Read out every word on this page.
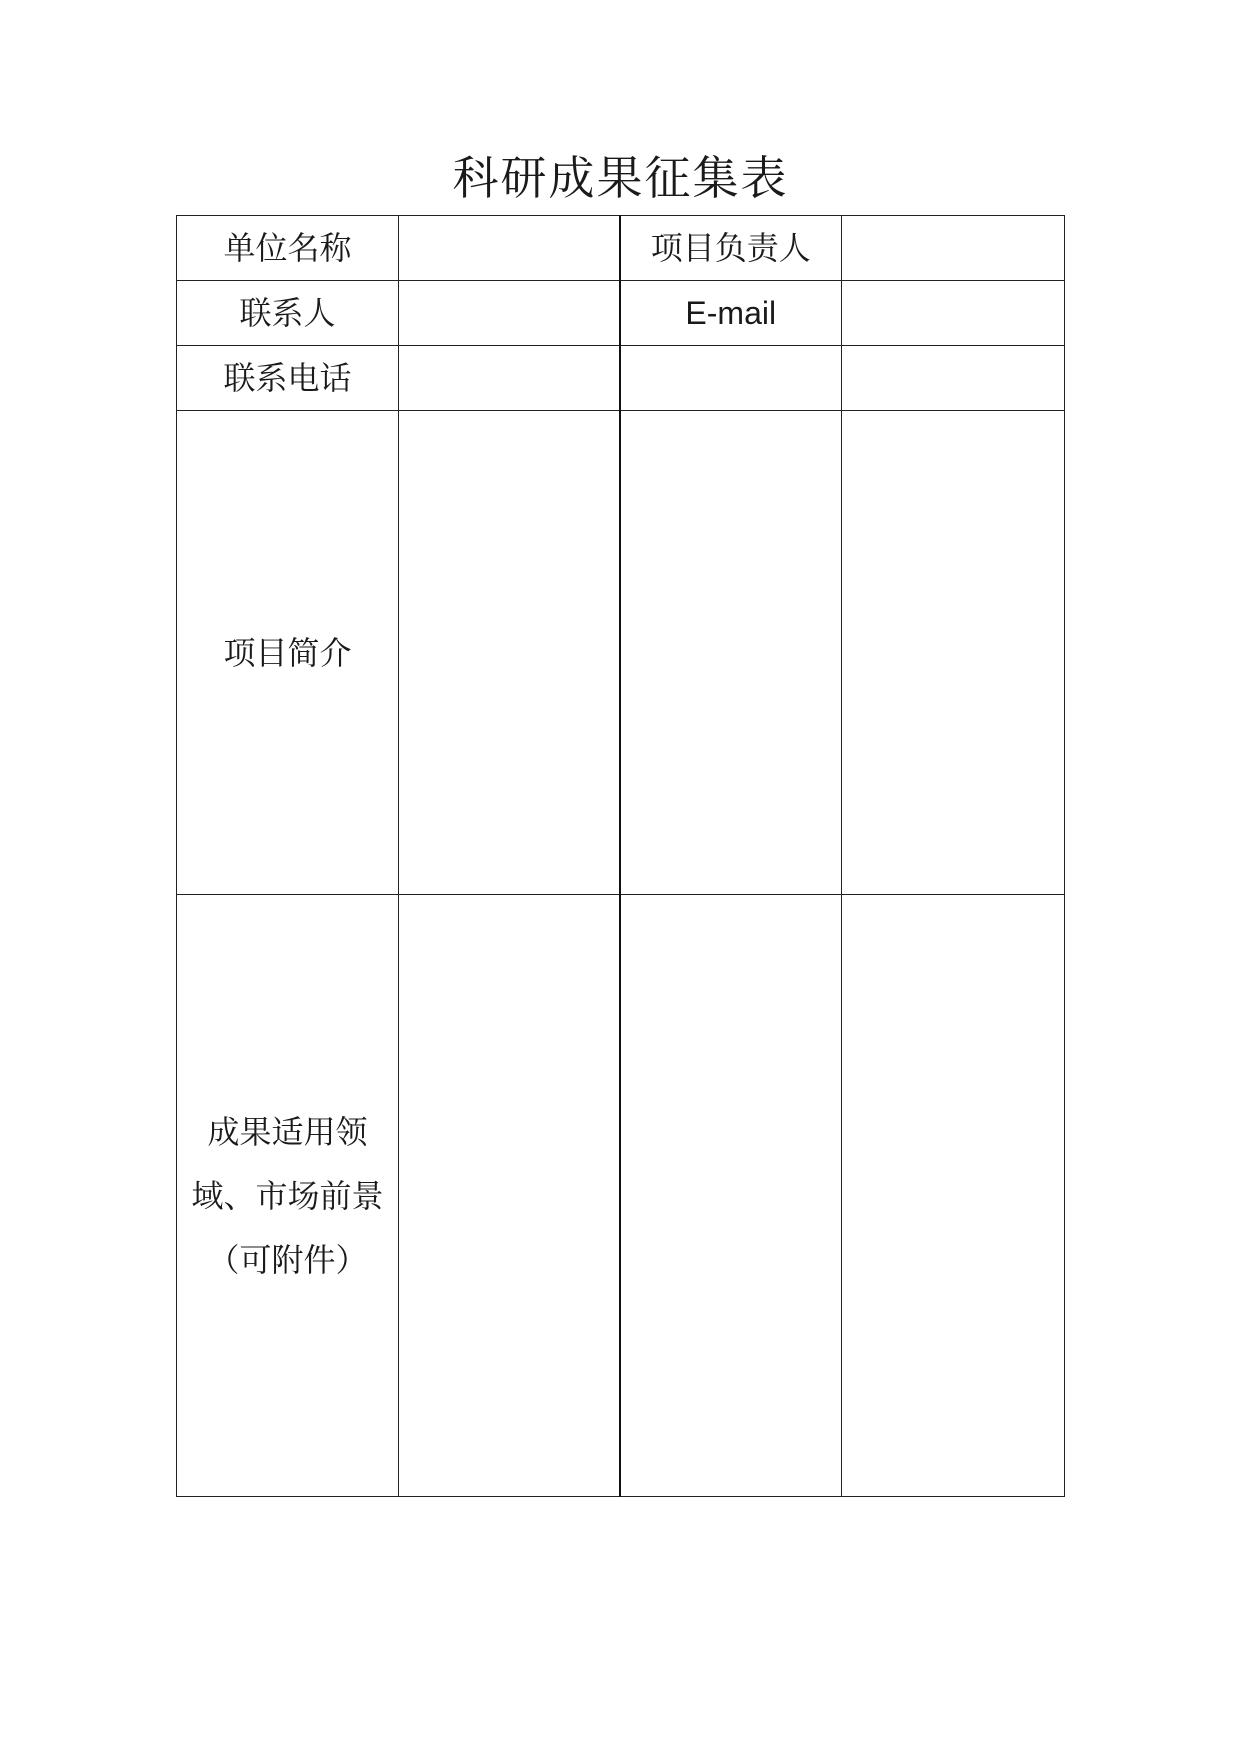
科研成果征集表
单位名称		项目负责人	
联系人		E-mail	
联系电话			
项目简介			

成果适用领
域、市场前景
（可附件）			
